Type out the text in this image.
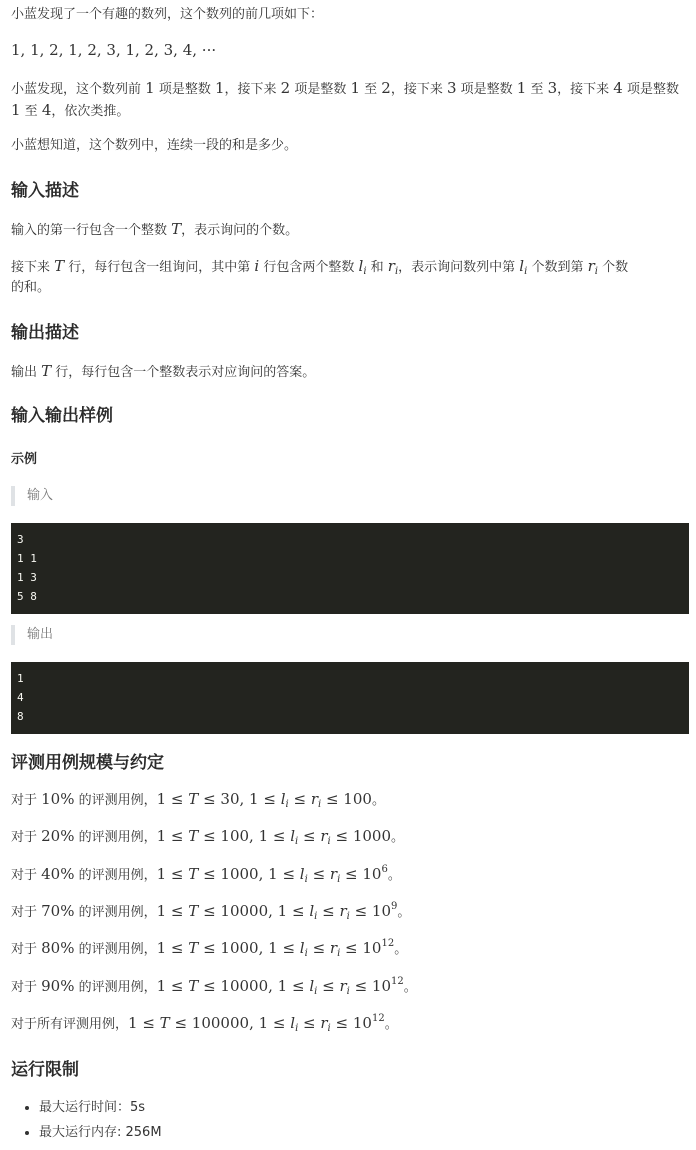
小蓝发现了一个有趣的数列，这个数列的前几项如下：

1, 1, 2, 1, 2, 3, 1, 2, 3, 4, ···

小蓝发现，这个数列前 1 项是整数 1，接下来 2 项是整数 1 至 2，接下来 3 项是整数 1 至 3，接下来 4 项是整数 1 至 4，依次类推。

小蓝想知道，这个数列中，连续一段的和是多少。

输入描述

输入的第一行包含一个整数 T，表示询问的个数。

接下来 T 行，每行包含一组询问，其中第 i 行包含两个整数 $l_i$ 和 $r_i$，表示询问数列中第 $l_i$ 个数到第 $r_i$ 个数
的和。

输出描述

输出 T 行，每行包含一个整数表示对应询问的答案。

输入输出样例
示例
输入
3
1 1
1 3
5 8
输出
1
4
8
评测用例规模与约定

对于 10% 的评测用例，1 ≤ T ≤ 30, $1 \le l_i \le r_i \le 100$。

对于 20% 的评测用例，1 ≤ T ≤ 100, $1 \le l_i \le r_i \le 1000$。

对于 40% 的评测用例，1 ≤ T ≤ 1000, $1 \le l_i \le r_i \le 10^6$。

对于 70% 的评测用例，1 ≤ T ≤ 10000, $1 \le l_i \le r_i \le 10^9$。

对于 80% 的评测用例，1 ≤ T ≤ 1000, $1 \le l_i \le r_i \le 10^{12}$。

对于 90% 的评测用例，1 ≤ T ≤ 10000, $1 \le l_i \le r_i \le 10^{12}$。

对于所有评测用例，1 ≤ T ≤ 100000, $1 \le l_i \le r_i \le 10^{12}$。

运行限制
• 最大运行时间：5s
• 最大运行内存: 256M
